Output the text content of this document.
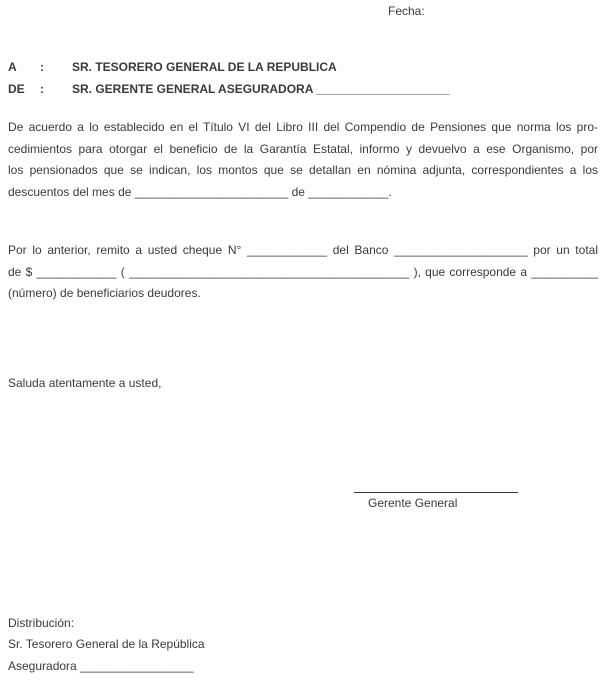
Fecha:
A	:	SR. TESORERO GENERAL DE LA REPUBLICA
DE	:	SR. GERENTE GENERAL ASEGURADORA ____________________
De acuerdo a lo establecido en el Título VI del Libro III del Compendio de Pensiones que norma los pro-
cedimientos para otorgar el beneficio de la Garantía Estatal, informo y devuelvo a ese Organismo, por
los pensionados que se indican, los montos que se detallan en nómina adjunta, correspondientes a los
descuentos del mes de _______________________ de ____________.
Por lo anterior, remito a usted cheque N° ____________ del Banco ____________________ por un total
de $ ____________ ( __________________________________________ ), que corresponde a __________
(número) de beneficiarios deudores.
Saluda atentamente a usted,
Gerente General
Distribución:
Sr. Tesorero General de la República
Aseguradora _________________
